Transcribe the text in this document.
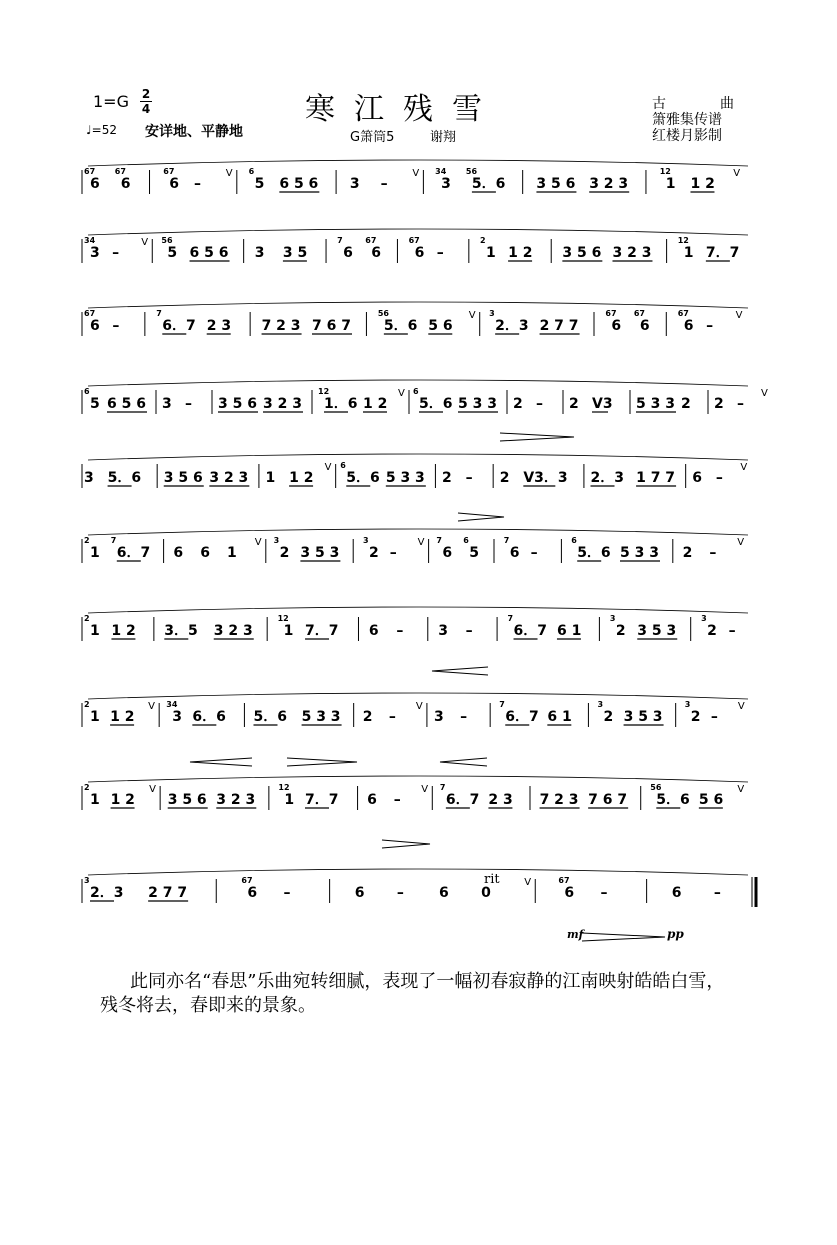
1=G 2
4	寒江残雪
♩=52 安详地、平静地	G箫筒5	谢翔
古	曲
箫雅集传谱
红楼月影制
67
6
67
6
67
6 –
V 6
5 6 5 6 3 –
V 34
3
56
5．6 3 5 6 3 2 3
12
1 1 2
V
34
3 –
V 56
5 6 5 6 3 3 5
7
6
67
6
67
6 –
2
1 1 2 3 5 6 3 2 3
12
1 7．7
67
6 –
7
6．7 2 3 7 2 3 7 6 7
56
5．6 5 6
V 3
2．3 2 7 7
67
6
67
6
67
6 –
V
6
5 6 5 6 3 – 3 5 6 3 2 3
12
1．6 1 2
V 6
5．6 5 3 3 2 – 2 V3 5 3 3 2 2 –
V
3 5．6 3 5 6 3 2 3 1 1 2
V 6
5．6 5 3 3 2 – 2 V3．3 2．3 1 7 7 6 –
V
2
1
7
6．7 6 6 1
V 3
2 3 5 3
3
2 –
V 7
6
6
5
7
6 –
6
5．6 5 3 3 2 –
V
2
1 1 2 3．5 3 2 3
12
1 7．7 6 – 3 –
7
6．7 6 1
3
2 3 5 3
3
2 –
2
1 1 2
V 34
3 6．6 5．6 5 3 3 2 –
V
3 –
7
6．7 6 1
3
2 3 5 3
3
2 –
V
2
1 1 2
V
3 5 6 3 2 3
12
1 7．7 6 –
V 7
6．7 2 3 7 2 3 7 6 7
56
5．6 5 6
V
3
2．3 2 7 7
67
6 –	6 –	6 0
V	67
6 –	6 –
rit
mf	pp
此同亦名“春思”乐曲宛转细腻，表现了一幅初春寂静的江南映射皓皓白雪，残冬将去，春即来的景象。
